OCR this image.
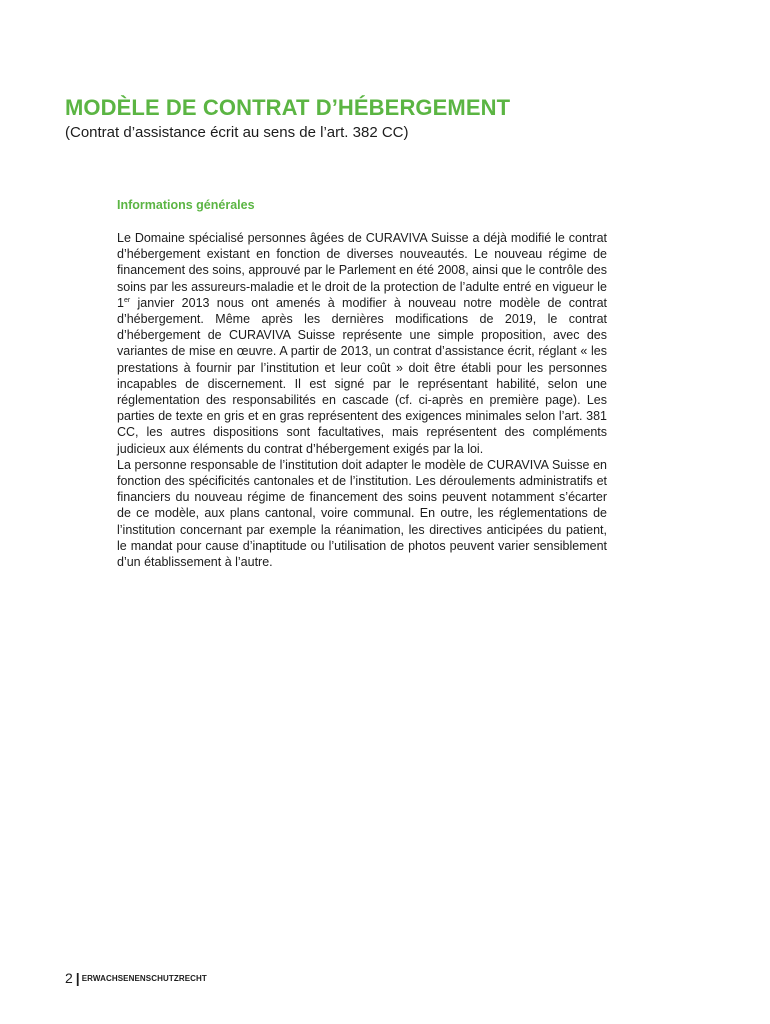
MODÈLE DE CONTRAT D’HÉBERGEMENT

(Contrat d’assistance écrit au sens de l’art. 382 CC)

Informations générales

Le Domaine spécialisé personnes âgées de CURAVIVA Suisse a déjà modifié le contrat d’hébergement existant en fonction de diverses nouveautés. Le nouveau régime de financement des soins, approuvé par le Parlement en été 2008, ainsi que le contrôle des soins par les assureurs-maladie et le droit de la protection de l’adulte entré en vigueur le 1er janvier 2013 nous ont amenés à modifier à nouveau notre modèle de contrat d’hébergement. Même après les dernières modifications de 2019, le contrat d’hébergement de CURAVIVA Suisse représente une simple proposition, avec des variantes de mise en œuvre. A partir de 2013, un contrat d’assistance écrit, réglant « les prestations à fournir par l’institution et leur coût » doit être établi pour les personnes incapables de discernement. Il est signé par le représentant habilité, selon une réglementation des responsabilités en cascade (cf. ci-après en première page). Les parties de texte en gris et en gras représentent des exigences minimales selon l’art. 381 CC, les autres dispositions sont facultatives, mais représentent des compléments judicieux aux éléments du contrat d’hébergement exigés par la loi.

La personne responsable de l’institution doit adapter le modèle de CURAVIVA Suisse en fonction des spécificités cantonales et de l’institution. Les déroulements administratifs et financiers du nouveau régime de financement des soins peuvent notamment s’écarter de ce modèle, aux plans cantonal, voire communal. En outre, les réglementations de l’institution concernant par exemple la réanimation, les directives anticipées du patient, le mandat pour cause d’inaptitude ou l’utilisation de photos peuvent varier sensiblement d’un établissement à l’autre.

2 | ERWACHSENENSCHUTZRECHT
